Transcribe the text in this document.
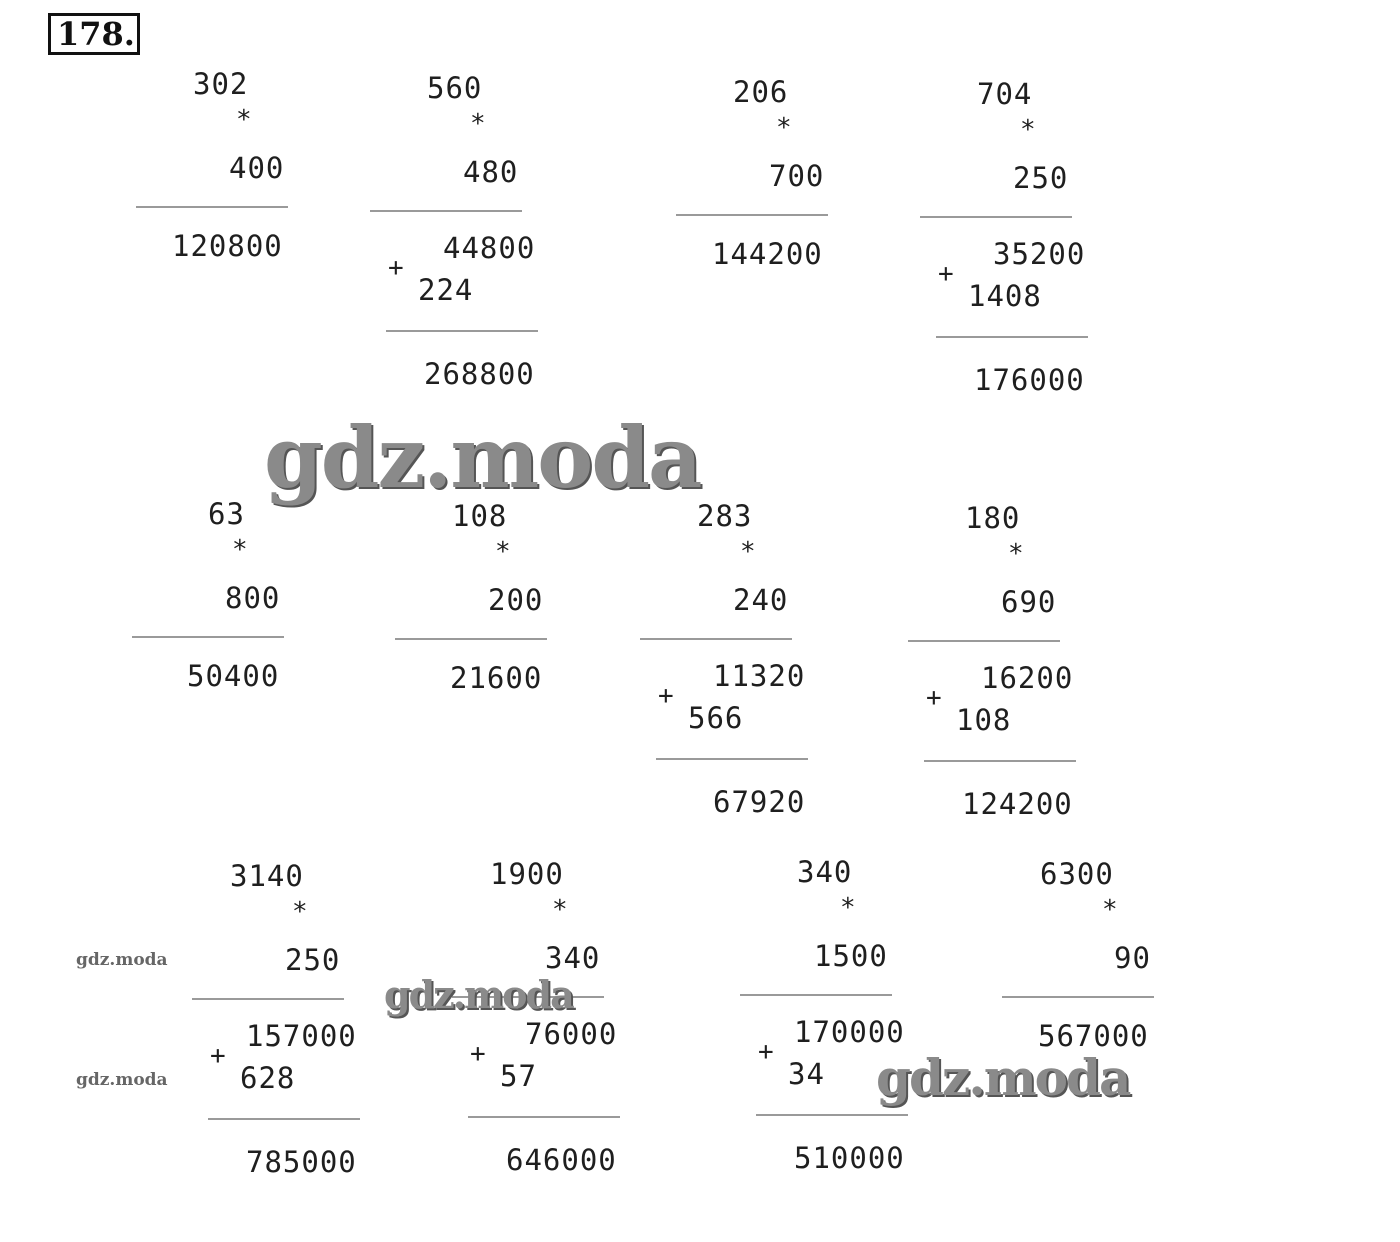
178.
302
*
400
120800
560
*
480
44800
+
224
268800
206
*
700
144200
704
*
250
35200
+
1408
176000
63
*
800
50400
108
*
200
21600
283
*
240
11320
+
566
67920
180
*
690
16200
+
108
124200
3140
*
250
157000
+
628
785000
1900
*
340
76000
+
57
646000
340
*
1500
170000
+
34
510000
6300
*
90
567000
gdz.moda
gdz.moda
gdz.moda
gdz.moda
gdz.moda
